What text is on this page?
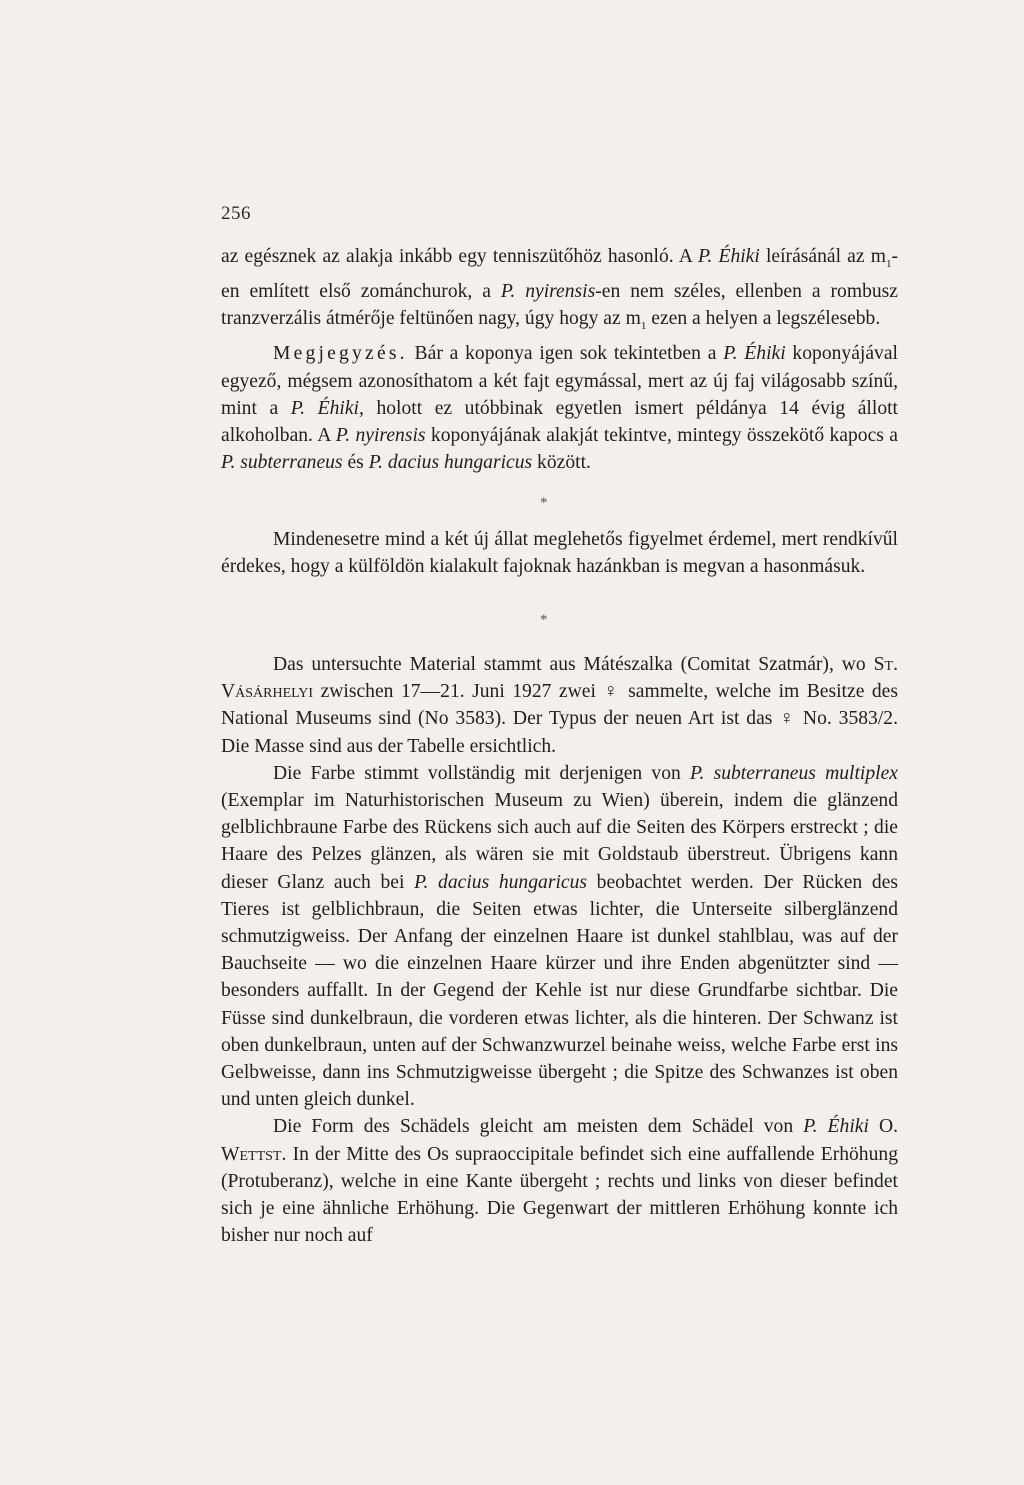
256

az egésznek az alakja inkább egy tenniszütőhöz hasonló. A P. Éhiki leírásánál az $m_1-en$ említett első zománchurok, a P. nyirensis-en nem széles, ellenben a rombusz tranzverzális átmérője feltünően nagy, úgy hogy az $m_1$ ezen a helyen a legszélesebb.

Megjegyzés. Bár a koponya igen sok tekintetben a P. Éhiki koponyájával egyező, mégsem azonosíthatom a két fajt egymással, mert az új faj világosabb színű, mint a P. Éhiki, holott ez utóbbinak egyetlen ismert példánya 14 évig állott alkoholban. A P. nyirensis koponyájának alakját tekintve, mintegy összekötő kapocs a P. subterraneus és P. dacius hungaricus között.

*

Mindenesetre mind a két új állat meglehetős figyelmet érdemel, mert rendkívűl érdekes, hogy a külföldön kialakult fajoknak hazánkban is megvan a hasonmásuk.

*

Das untersuchte Material stammt aus Mátészalka (Comitat Szatmár), wo St. Vásárhelyi zwischen 17—21. Juni 1927 zwei ♀ sammelte, welche im Besitze des National Museums sind (No 3583). Der Typus der neuen Art ist das ♀ No. 3583/2. Die Masse sind aus der Tabelle ersichtlich.

Die Farbe stimmt vollständig mit derjenigen von P. subterraneus multiplex (Exemplar im Naturhistorischen Museum zu Wien) überein, indem die glänzend gelblichbraune Farbe des Rückens sich auch auf die Seiten des Körpers erstreckt ; die Haare des Pelzes glänzen, als wären sie mit Goldstaub überstreut. Übrigens kann dieser Glanz auch bei P. dacius hungaricus beobachtet werden. Der Rücken des Tieres ist gelblichbraun, die Seiten etwas lichter, die Unterseite silberglänzend schmutzigweiss. Der Anfang der einzelnen Haare ist dunkel stahlblau, was auf der Bauchseite — wo die einzelnen Haare kürzer und ihre Enden abgenützter sind — besonders auffallt. In der Gegend der Kehle ist nur diese Grundfarbe sichtbar. Die Füsse sind dunkelbraun, die vorderen etwas lichter, als die hinteren. Der Schwanz ist oben dunkelbraun, unten auf der Schwanzwurzel beinahe weiss, welche Farbe erst ins Gelbweisse, dann ins Schmutzigweisse übergeht ; die Spitze des Schwanzes ist oben und unten gleich dunkel.

Die Form des Schädels gleicht am meisten dem Schädel von P. Éhiki O. Wettst. In der Mitte des Os supraoccipitale befindet sich eine auffallende Erhöhung (Protuberanz), welche in eine Kante übergeht ; rechts und links von dieser befindet sich je eine ähnliche Erhöhung. Die Gegenwart der mittleren Erhöhung konnte ich bisher nur noch auf
